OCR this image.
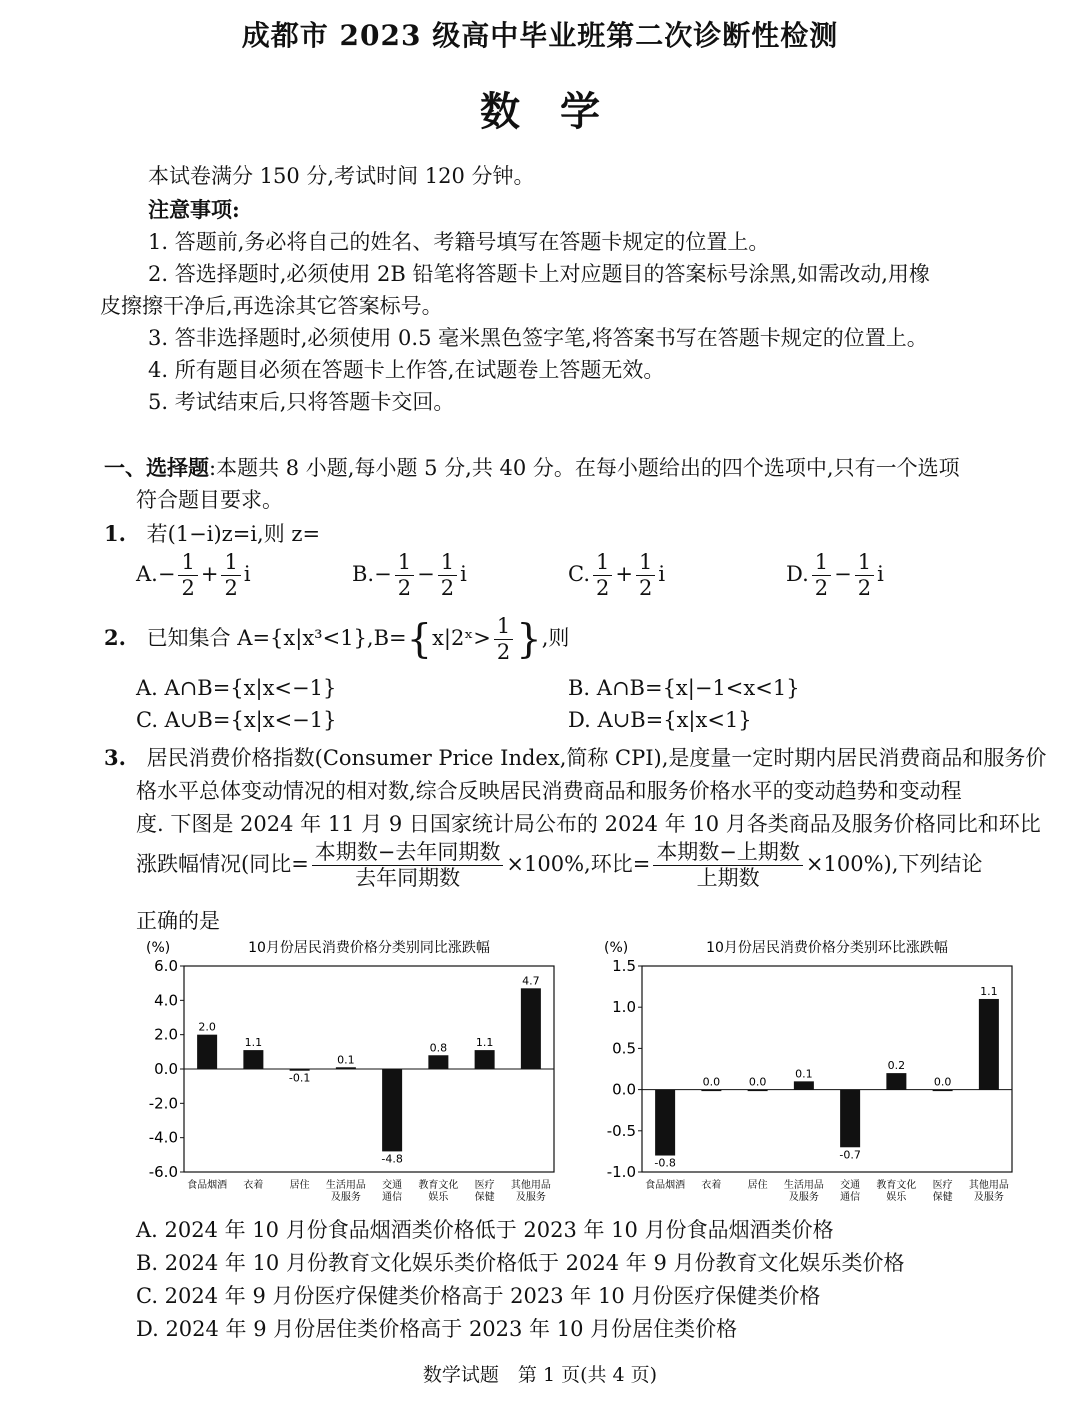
成都市 2023 级高中毕业班第二次诊断性检测
数学
本试卷满分 150 分,考试时间 120 分钟。
注意事项:
1. 答题前,务必将自己的姓名、考籍号填写在答题卡规定的位置上。
2. 答选择题时,必须使用 2B 铅笔将答题卡上对应题目的答案标号涂黑,如需改动,用橡
皮擦擦干净后,再选涂其它答案标号。
3. 答非选择题时,必须使用 0.5 毫米黑色签字笔,将答案书写在答题卡规定的位置上。
4. 所有题目必须在答题卡上作答,在试题卷上答题无效。
5. 考试结束后,只将答题卡交回。
一、选择题:本题共 8 小题,每小题 5 分,共 40 分。在每小题给出的四个选项中,只有一个选项
符合题目要求。
1. 若(1−i)z=i,则 z=
$A.- \frac{1}{2} + \frac{1}{2}$ i	$B.- \frac{1}{2} - \frac{1}{2}$ i	C. $\frac{1}{2} + \frac{1}{2}$ i	D. $\frac{1}{2} - \frac{1}{2}$ i
2. 已知集合 A={x|x³<1},B={x|2ˣ> $\frac{1}{2}$ },则
A. A∩B={x|x<−1}	B. A∩B={x|−1<x<1}
C. A∪B={x|x<−1}	D. A∪B={x|x<1}
3. 居民消费价格指数(Consumer Price Index,简称 CPI),是度量一定时期内居民消费商品和服务价
格水平总体变动情况的相对数,综合反映居民消费商品和服务价格水平的变动趋势和变动程
度. 下图是 2024 年 11 月 9 日国家统计局公布的 2024 年 10 月各类商品及服务价格同比和环比
涨跌幅情况(同比= $\frac{\text{本期数−去年同期数}}{\text{去年同期数}} \times 100\%$,环比= $\frac{\text{本期数−上期数}}{\text{上期数}} \times 100\%$),下列结论
正确的是
(%)	10月份居民消费价格分类别同比涨跌幅
6.0
4.0
2.0
0.0
-2.0
-4.0
-6.0
2.0
食品烟酒
1.1
衣着
-0.1
居住
0.1
生活用品
及服务
-4.8
交通
通信
0.8
教育文化
娱乐
1.1
医疗
保健
4.7
其他用品
及服务
(%)	10月份居民消费价格分类别环比涨跌幅
1.5
1.0
0.5
0.0
-0.5
-1.0 -0.8
食品烟酒
0.0
衣着
0.0
居住
0.1
生活用品
及服务
-0.7
交通
通信
0.2
教育文化
娱乐
0.0
医疗
保健
1.1
其他用品
及服务
A. 2024 年 10 月份食品烟酒类价格低于 2023 年 10 月份食品烟酒类价格
B. 2024 年 10 月份教育文化娱乐类价格低于 2024 年 9 月份教育文化娱乐类价格
C. 2024 年 9 月份医疗保健类价格高于 2023 年 10 月份医疗保健类价格
D. 2024 年 9 月份居住类价格高于 2023 年 10 月份居住类价格
数学试题　第 1 页(共 4 页)
